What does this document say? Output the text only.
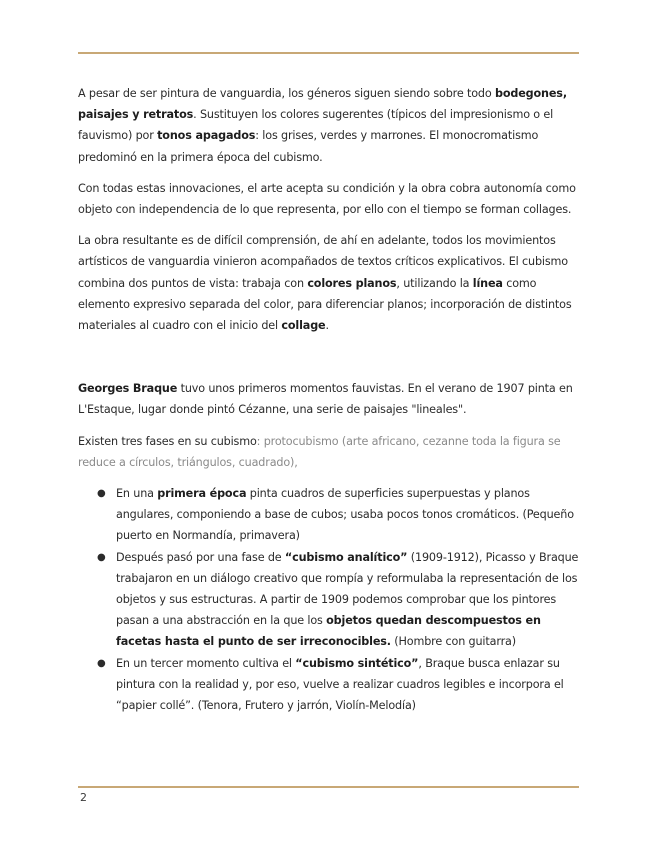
A pesar de ser pintura de vanguardia, los géneros siguen siendo sobre todo bodegones, paisajes y retratos. Sustituyen los colores sugerentes (típicos del impresionismo o el fauvismo) por tonos apagados: los grises, verdes y marrones. El monocromatismo predominó en la primera época del cubismo.

Con todas estas innovaciones, el arte acepta su condición y la obra cobra autonomía como objeto con independencia de lo que representa, por ello con el tiempo se forman collages.

La obra resultante es de difícil comprensión, de ahí en adelante, todos los movimientos artísticos de vanguardia vinieron acompañados de textos críticos explicativos. El cubismo combina dos puntos de vista: trabaja con colores planos, utilizando la línea como elemento expresivo separada del color, para diferenciar planos; incorporación de distintos materiales al cuadro con el inicio del collage.

Georges Braque tuvo unos primeros momentos fauvistas. En el verano de 1907 pinta en L'Estaque, lugar donde pintó Cézanne, una serie de paisajes "lineales".

Existen tres fases en su cubismo: protocubismo (arte africano, cezanne toda la figura se reduce a círculos, triángulos, cuadrado),

● En una primera época pinta cuadros de superficies superpuestas y planos angulares, componiendo a base de cubos; usaba pocos tonos cromáticos. (Pequeño puerto en Normandía, primavera)
● Después pasó por una fase de “cubismo analítico” (1909-1912), Picasso y Braque trabajaron en un diálogo creativo que rompía y reformulaba la representación de los objetos y sus estructuras. A partir de 1909 podemos comprobar que los pintores pasan a una abstracción en la que los objetos quedan descompuestos en facetas hasta el punto de ser irreconocibles. (Hombre con guitarra)
● En un tercer momento cultiva el “cubismo sintético”, Braque busca enlazar su pintura con la realidad y, por eso, vuelve a realizar cuadros legibles e incorpora el “papier collé”. (Tenora, Frutero y jarrón, Violín-Melodía)
2
